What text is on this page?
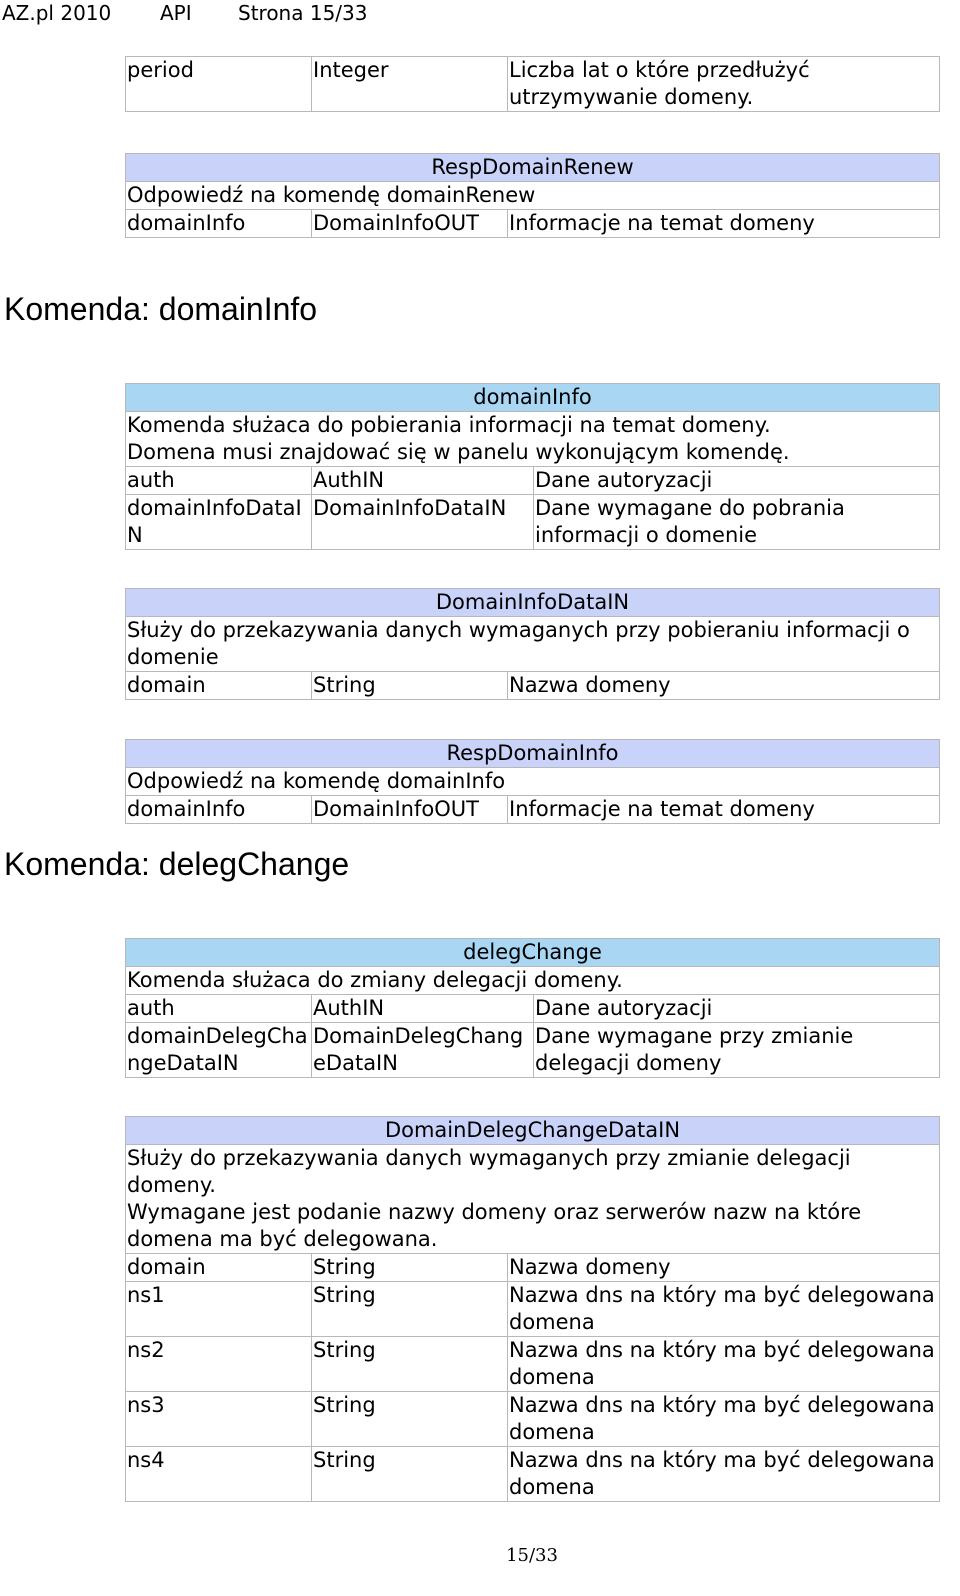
AZ.pl 2010 API Strona 15/33
period	Integer	Liczba lat o które przedłużyć utrzymywanie domeny.
RespDomainRenew
Odpowiedź na komendę domainRenew
domainInfo	DomainInfoOUT	Informacje na temat domeny
Komenda: domainInfo
domainInfo		
Komenda służaca do pobierania informacji na temat domeny.
Domena musi znajdować się w panelu wykonującym komendę.		
auth	AuthIN	Dane autoryzacji
domainInfoDataIN	DomainInfoDataIN	Dane wymagane do pobrania informacji o domenie
DomainInfoDataIN
Służy do przekazywania danych wymaganych przy pobieraniu informacji o domenie
domain	String	Nazwa domeny
RespDomainInfo
Odpowiedź na komendę domainInfo
domainInfo	DomainInfoOUT	Informacje na temat domeny
Komenda: delegChange
delegChange		
Komenda służaca do zmiany delegacji domeny.		
auth	AuthIN	Dane autoryzacji
domainDelegChangeDataIN	DomainDelegChangeDataIN	Dane wymagane przy zmianie delegacji domeny
DomainDelegChangeDataIN		
Służy do przekazywania danych wymaganych przy zmianie delegacji domeny.
Wymagane jest podanie nazwy domeny oraz serwerów nazw na które domena ma być delegowana.		
domain	String	Nazwa domeny
ns1	String	Nazwa dns na który ma być delegowana domena
ns2	String	Nazwa dns na który ma być delegowana domena
ns3	String	Nazwa dns na który ma być delegowana domena
ns4	String	Nazwa dns na który ma być delegowana domena
15/33
